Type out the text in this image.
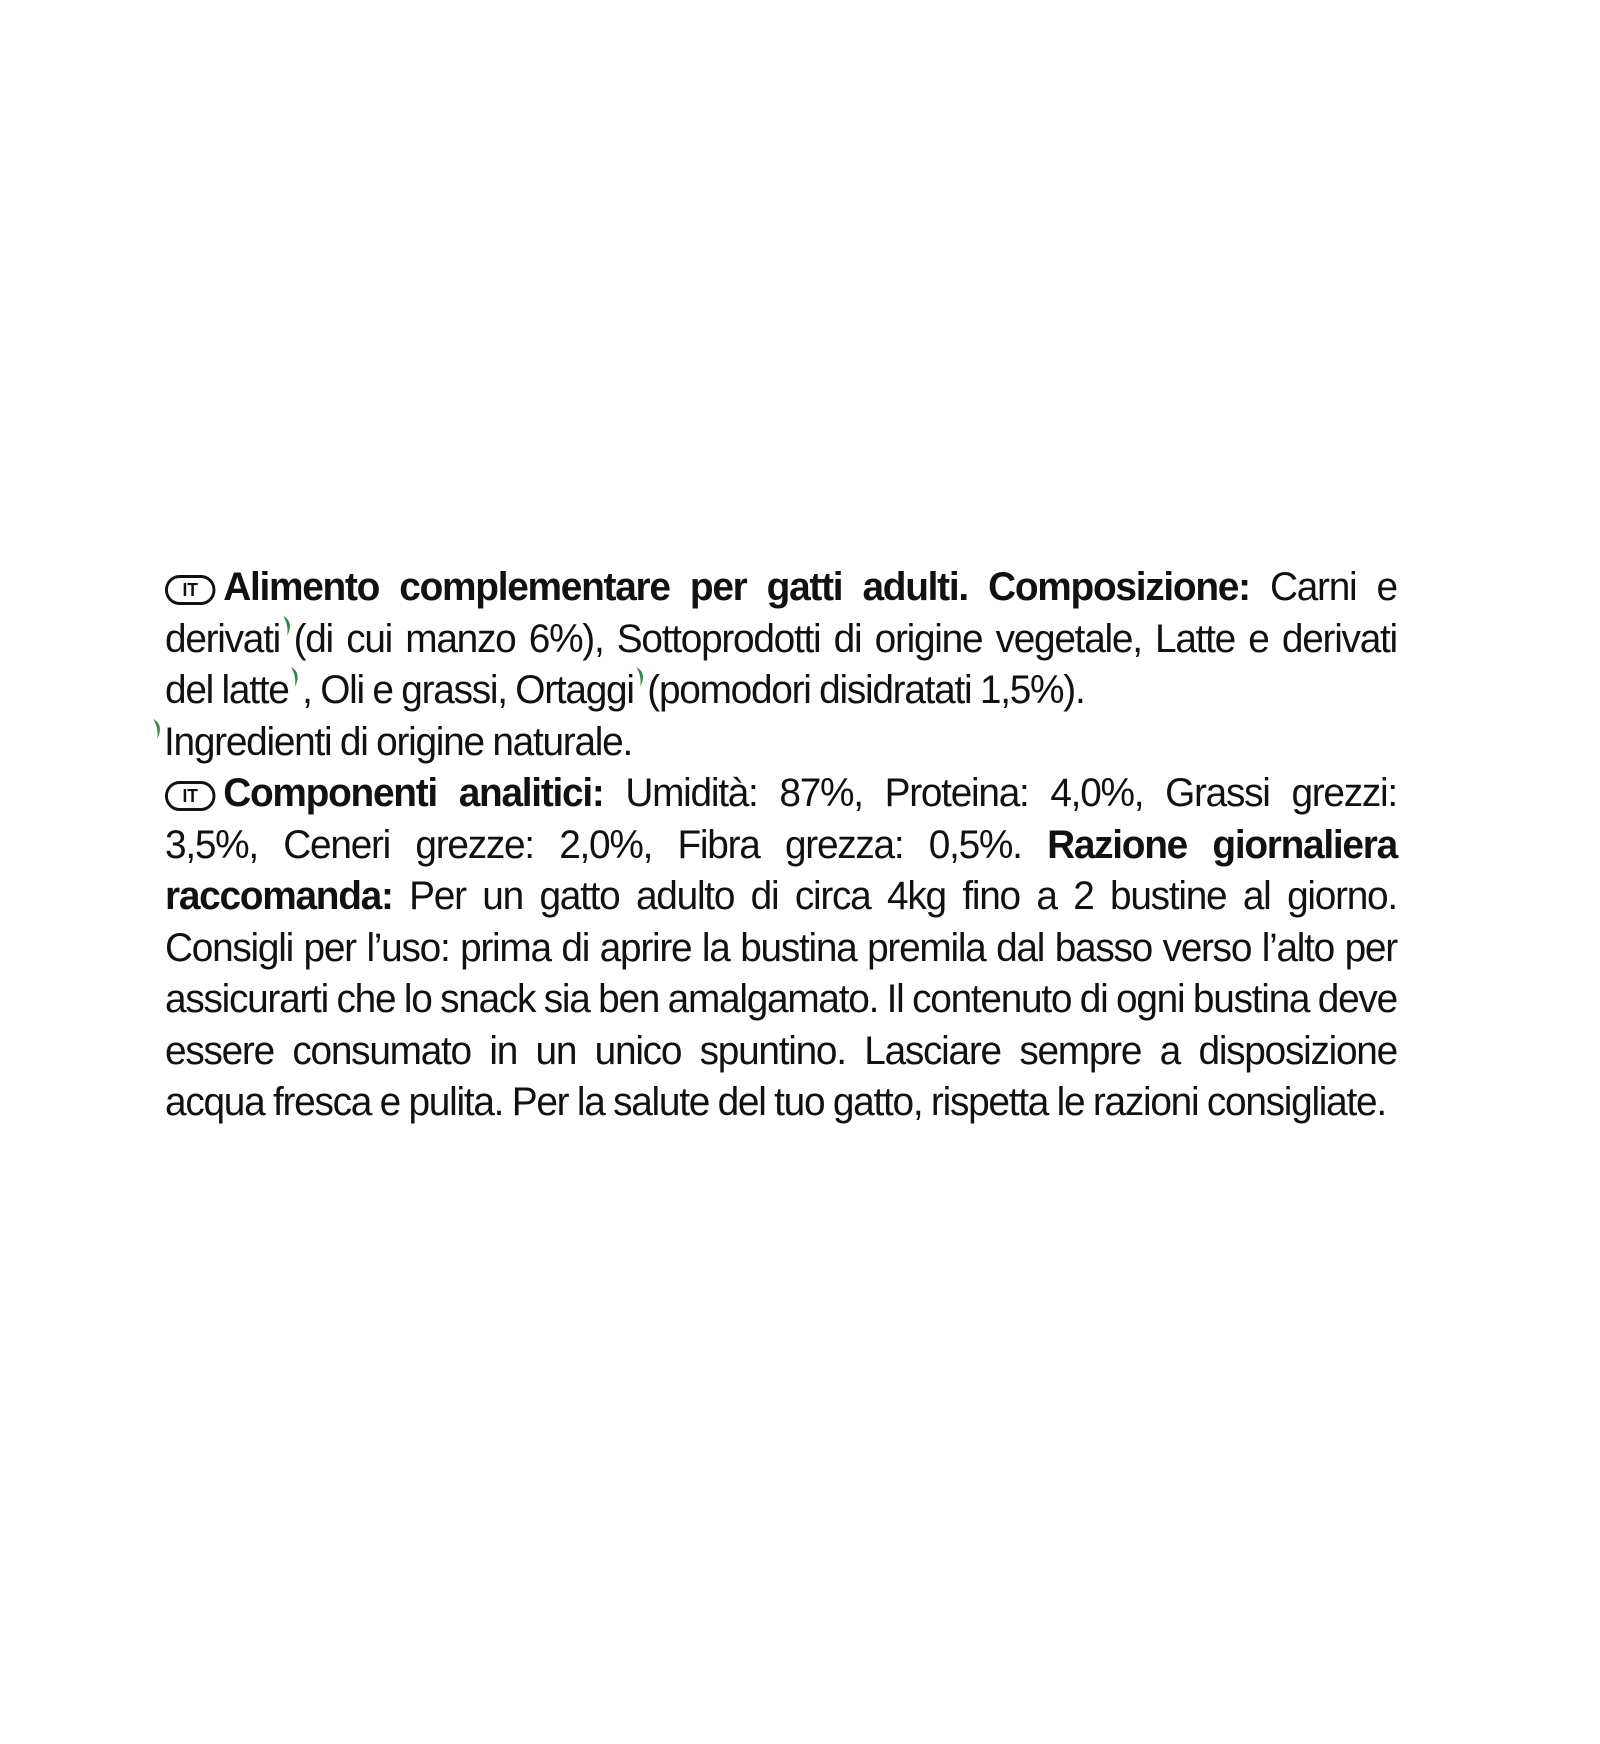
IT Alimento complementare per gatti adulti. Composizione: Carni e derivati (di cui manzo 6%), Sottoprodotti di origine vegetale, Latte e derivati del latte , Oli e grassi, Ortaggi (pomodori disidratati 1,5%).

Ingredienti di origine naturale.

IT Componenti analitici: Umidità: 87%, Proteina: 4,0%, Grassi grezzi: 3,5%, Ceneri grezze: 2,0%, Fibra grezza: 0,5%. Razione giornaliera raccomanda: Per un gatto adulto di circa 4kg fino a 2 bustine al giorno. Consigli per l’uso: prima di aprire la bustina premila dal basso verso l’alto per assicurarti che lo snack sia ben amalgamato. Il contenuto di ogni bustina deve essere consumato in un unico spuntino. Lasciare sempre a disposizione acqua fresca e pulita. Per la salute del tuo gatto, rispetta le razioni consigliate.
